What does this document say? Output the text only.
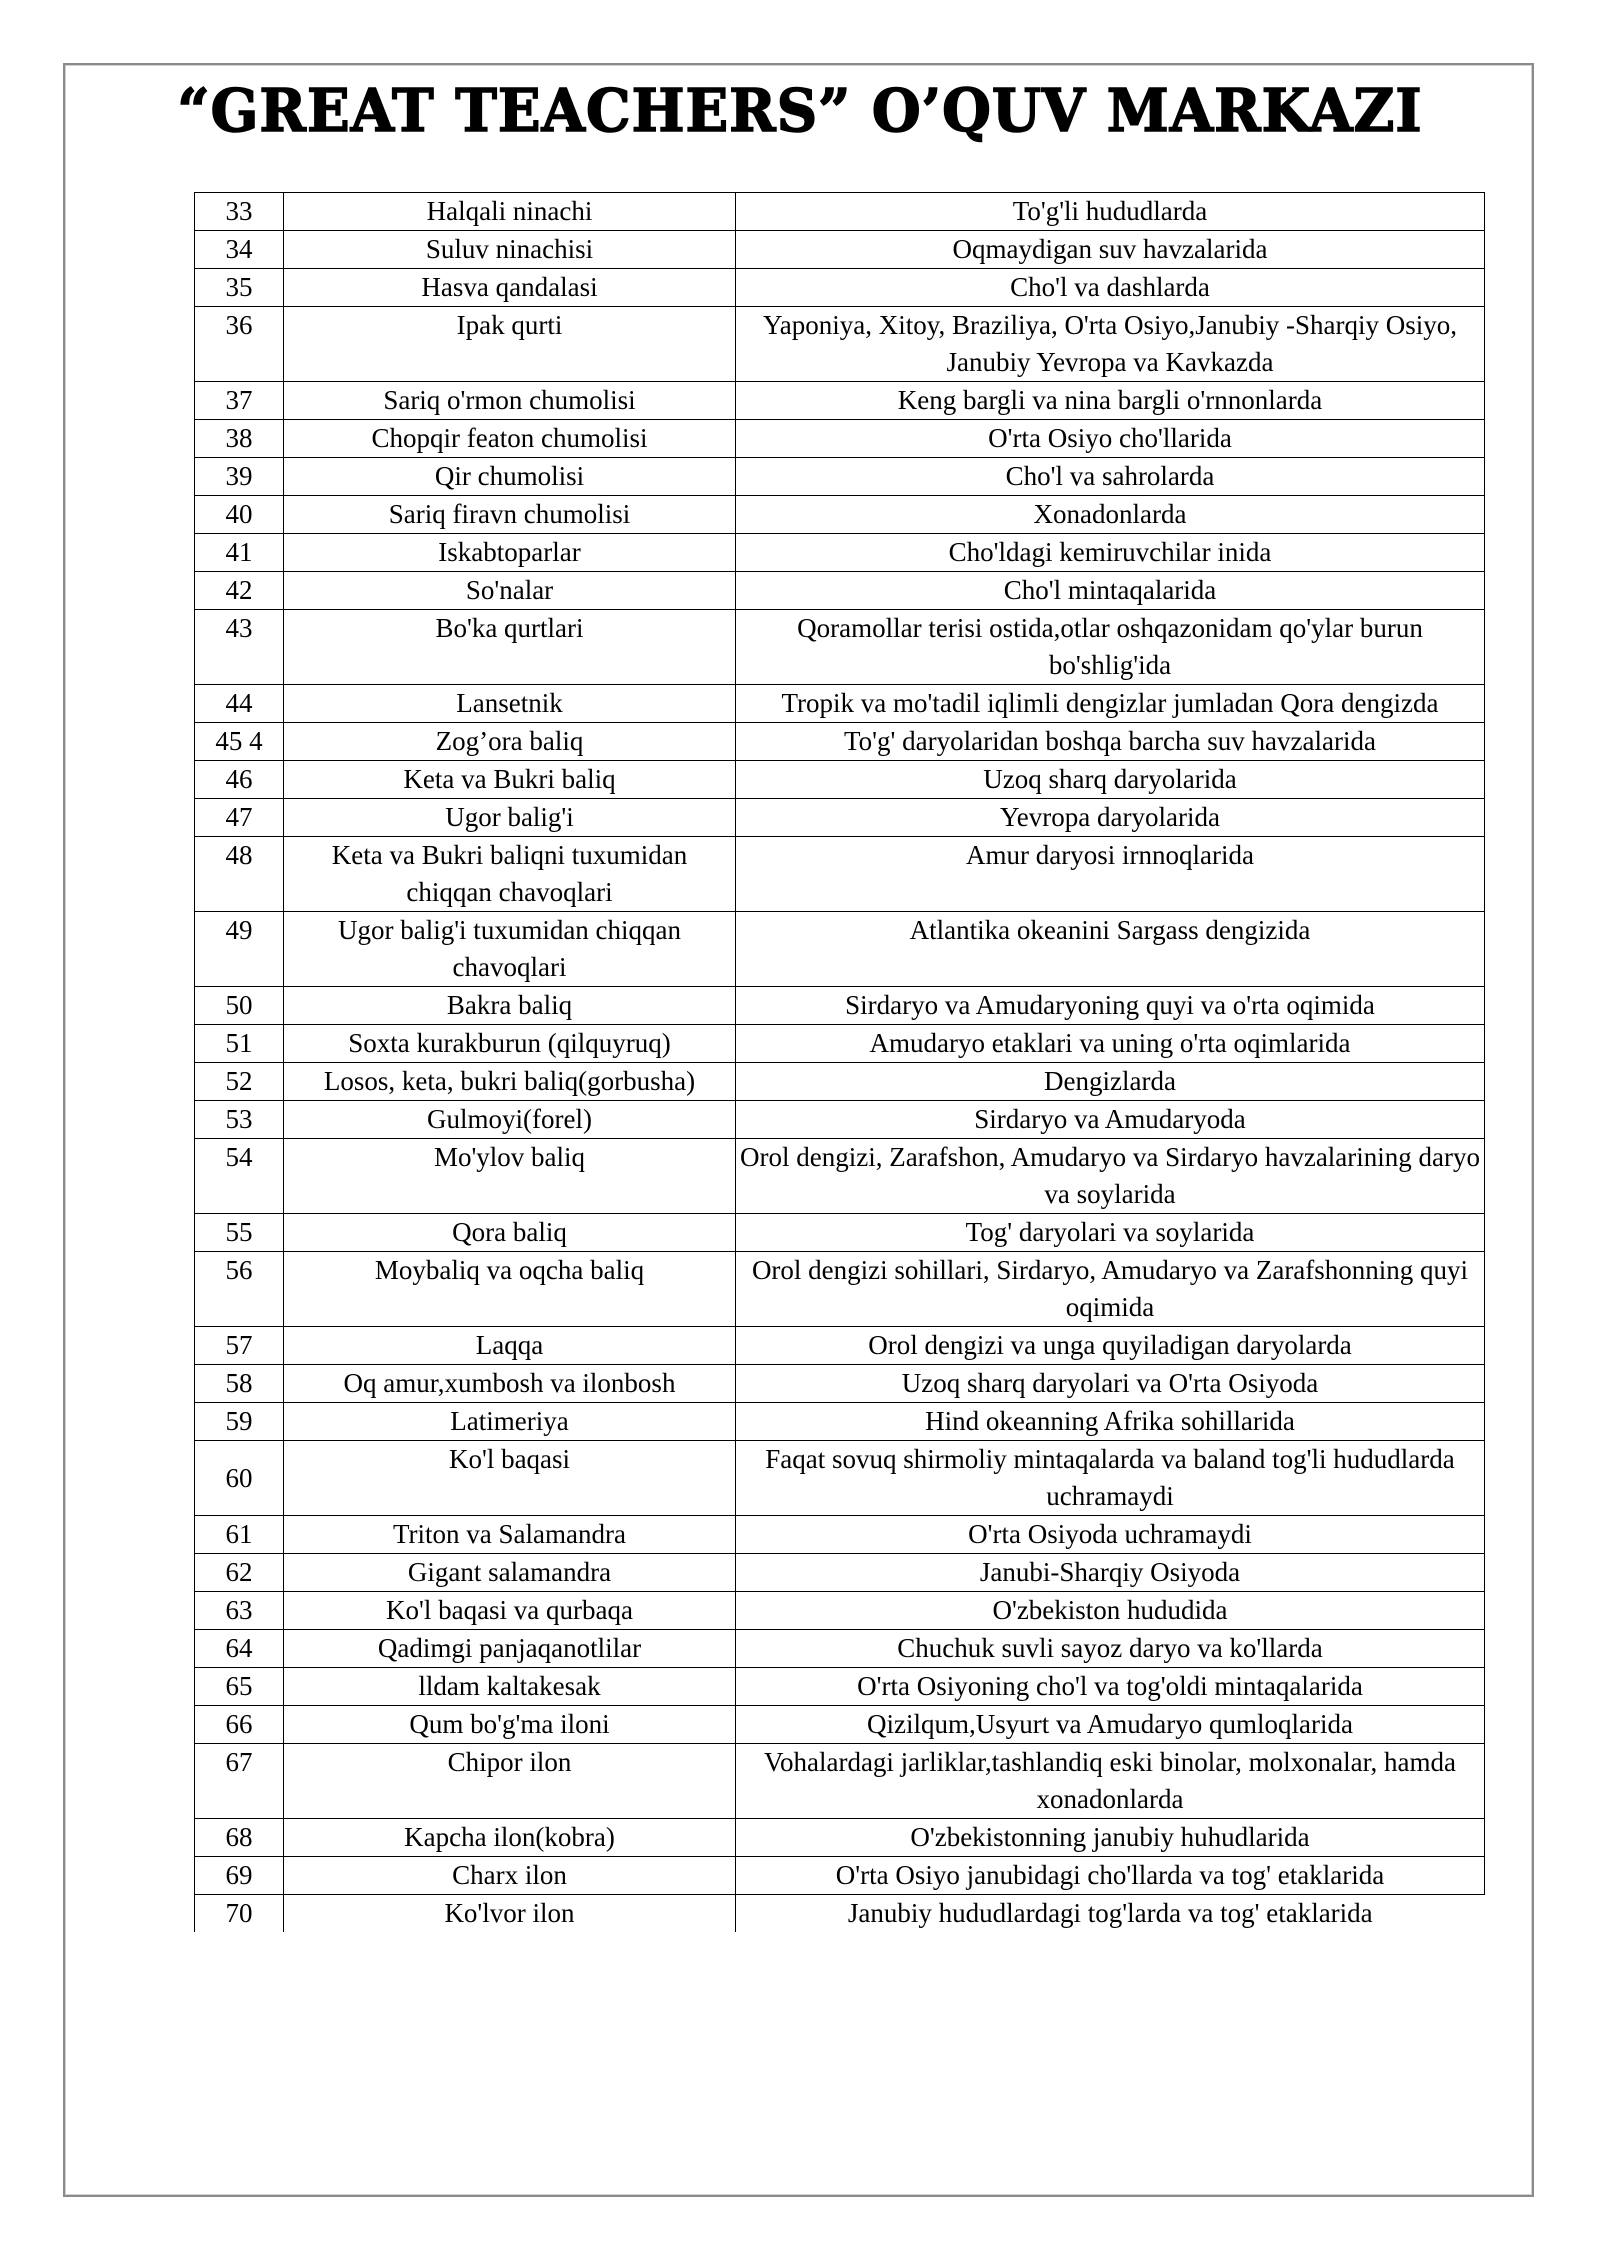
“GREAT TEACHERS” O’QUV MARKAZI
33	Halqali ninachi	To'g'li hududlarda
34	Suluv ninachisi	Oqmaydigan suv havzalarida
35	Hasva qandalasi	Cho'l va dashlarda
36	Ipak qurti	Yaponiya, Xitoy, Braziliya, O'rta Osiyo,Janubiy -Sharqiy Osiyo, Janubiy Yevropa va Kavkazda
37	Sariq o'rmon chumolisi	Keng bargli va nina bargli o'rnnonlarda
38	Chopqir featon chumolisi	O'rta Osiyo cho'llarida
39	Qir chumolisi	Cho'l va sahrolarda
40	Sariq firavn chumolisi	Xonadonlarda
41	Iskabtoparlar	Cho'ldagi kemiruvchilar inida
42	So'nalar	Cho'l mintaqalarida
43	Bo'ka qurtlari	Qoramollar terisi ostida,otlar oshqazonidam qo'ylar burun bo'shlig'ida
44	Lansetnik	Tropik va mo'tadil iqlimli dengizlar jumladan Qora dengizda
45 4	Zog’ora baliq	To'g' daryolaridan boshqa barcha suv havzalarida
46	Keta va Bukri baliq	Uzoq sharq daryolarida
47	Ugor balig'i	Yevropa daryolarida
48	Keta va Bukri baliqni tuxumidan chiqqan chavoqlari	Amur daryosi irnnoqlarida
49	Ugor balig'i tuxumidan chiqqan chavoqlari	Atlantika okeanini Sargass dengizida
50	Bakra baliq	Sirdaryo va Amudaryoning quyi va o'rta oqimida
51	Soxta kurakburun (qilquyruq)	Amudaryo etaklari va uning o'rta oqimlarida
52	Losos, keta, bukri baliq(gorbusha)	Dengizlarda
53	Gulmoyi(forel)	Sirdaryo va Amudaryoda
54	Mo'ylov baliq	Orol dengizi, Zarafshon, Amudaryo va Sirdaryo havzalarining daryo va soylarida
55	Qora baliq	Tog' daryolari va soylarida
56	Moybaliq va oqcha baliq	Orol dengizi sohillari, Sirdaryo, Amudaryo va Zarafshonning quyi oqimida
57	Laqqa	Orol dengizi va unga quyiladigan daryolarda
58	Oq amur,xumbosh va ilonbosh	Uzoq sharq daryolari va O'rta Osiyoda
59	Latimeriya	Hind okeanning Afrika sohillarida
60	Ko'l baqasi	Faqat sovuq shirmoliy mintaqalarda va baland tog'li hududlarda uchramaydi
61	Triton va Salamandra	O'rta Osiyoda uchramaydi
62	Gigant salamandra	Janubi-Sharqiy Osiyoda
63	Ko'l baqasi va qurbaqa	O'zbekiston hududida
64	Qadimgi panjaqanotlilar	Chuchuk suvli sayoz daryo va ko'llarda
65	lldam kaltakesak	O'rta Osiyoning cho'l va tog'oldi mintaqalarida
66	Qum bo'g'ma iloni	Qizilqum,Usyurt va Amudaryo qumloqlarida
67	Chipor ilon	Vohalardagi jarliklar,tashlandiq eski binolar, molxonalar, hamda xonadonlarda
68	Kapcha ilon(kobra)	O'zbekistonning janubiy huhudlarida
69	Charx ilon	O'rta Osiyo janubidagi cho'llarda va tog' etaklarida
70	Ko'lvor ilon	Janubiy hududlardagi tog'larda va tog' etaklarida
